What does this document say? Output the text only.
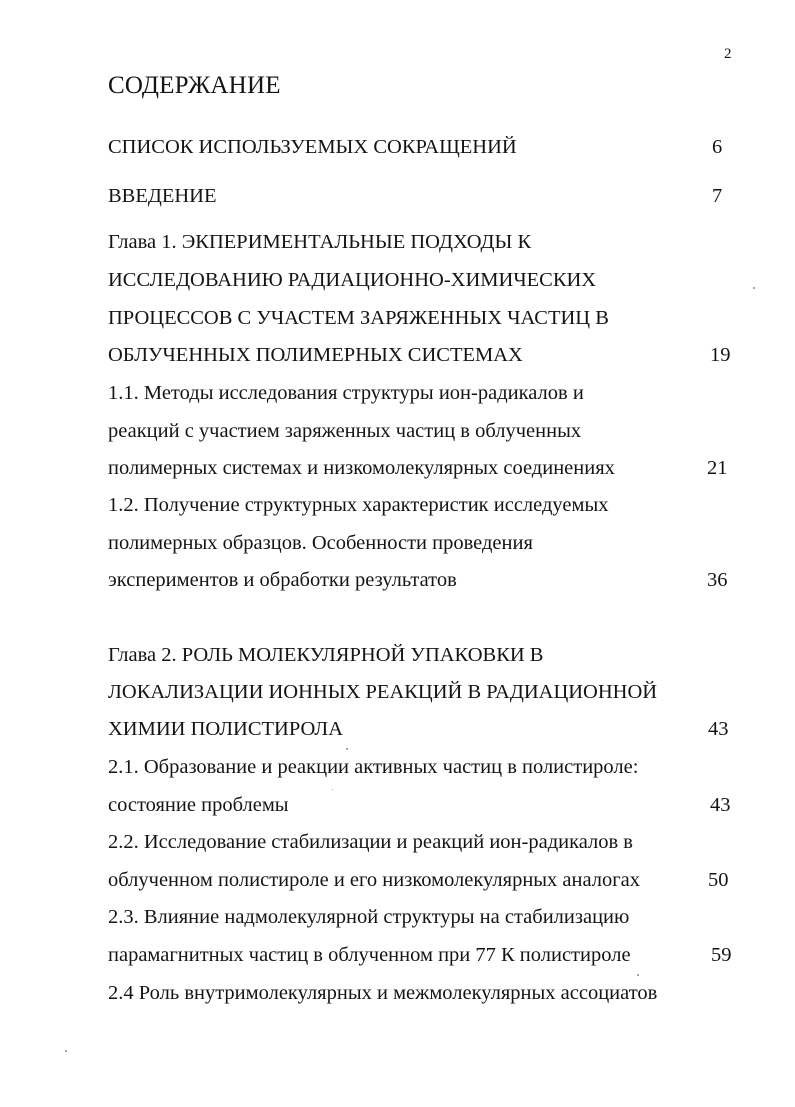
2
СОДЕРЖАНИЕ
СПИСОК ИСПОЛЬЗУЕМЫХ СОКРАЩЕНИЙ	6
ВВЕДЕНИЕ	7
Глава 1. ЭКПЕРИМЕНТАЛЬНЫЕ ПОДХОДЫ К
ИССЛЕДОВАНИЮ РАДИАЦИОННО-ХИМИЧЕСКИХ
ПРОЦЕССОВ С УЧАСТЕМ ЗАРЯЖЕННЫХ ЧАСТИЦ В
ОБЛУЧЕННЫХ ПОЛИМЕРНЫХ СИСТЕМАХ	19
1.1. Методы исследования структуры ион-радикалов и
реакций с участием заряженных частиц в облученных
полимерных системах и низкомолекулярных соединениях	21
1.2. Получение структурных характеристик исследуемых
полимерных образцов. Особенности проведения
экспериментов и обработки результатов	36
Глава 2. РОЛЬ МОЛЕКУЛЯРНОЙ УПАКОВКИ В
ЛОКАЛИЗАЦИИ ИОННЫХ РЕАКЦИЙ В РАДИАЦИОННОЙ
ХИМИИ ПОЛИСТИРОЛА	43
2.1. Образование и реакции активных частиц в полистироле:
состояние проблемы	43
2.2. Исследование стабилизации и реакций ион-радикалов в
облученном полистироле и его низкомолекулярных аналогах	50
2.3. Влияние надмолекулярной структуры на стабилизацию
парамагнитных частиц в облученном при 77 К полистироле	59
2.4 Роль внутримолекулярных и межмолекулярных ассоциатов
